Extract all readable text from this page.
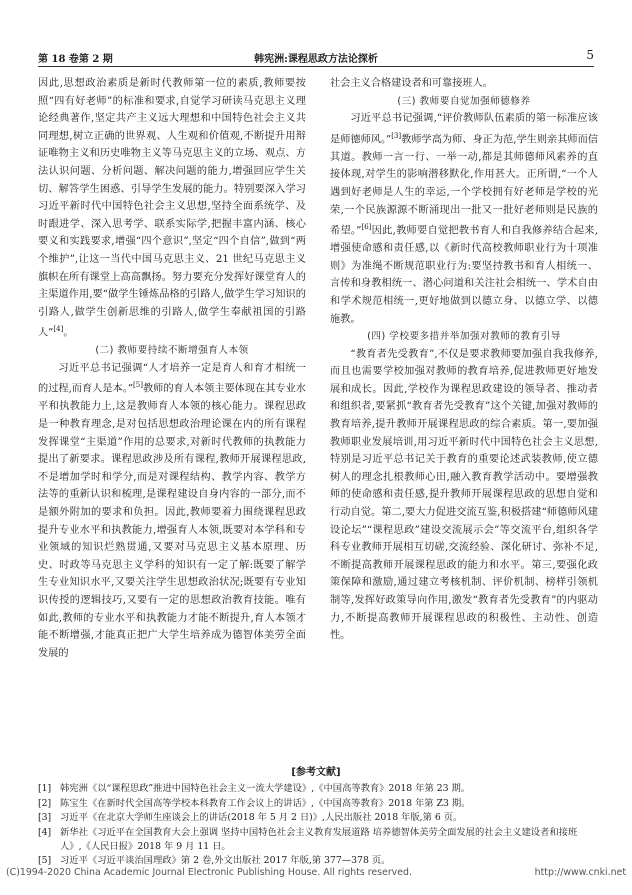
第 18 卷第 2 期	韩宪洲:课程思政方法论探析	5

因此,思想政治素质是新时代教师第一位的素质,教师要按照“四有好老师”的标准和要求,自觉学习研读马克思主义理论经典著作,坚定共产主义远大理想和中国特色社会主义共同理想,树立正确的世界观、人生观和价值观,不断提升用辩证唯物主义和历史唯物主义等马克思主义的立场、观点、方法认识问题、分析问题、解决问题的能力,增强回应学生关切、解答学生困惑、引导学生发展的能力。特别要深入学习习近平新时代中国特色社会主义思想,坚持全面系统学、及时跟进学、深入思考学、联系实际学,把握丰富内涵、核心要义和实践要求,增强“四个意识”,坚定“四个自信”,做到“两个维护”,让这一当代中国马克思主义、21 世纪马克思主义旗帜在所有课堂上高高飘扬。努力要充分发挥好课堂育人的主渠道作用,要“做学生锤炼品格的引路人,做学生学习知识的引路人,做学生创新思维的引路人,做学生奉献祖国的引路人”[4]。

(二) 教师要持续不断增强育人本领

习近平总书记强调“人才培养一定是育人和育才相统一的过程,而育人是本。”[5]教师的育人本领主要体现在其专业水平和执教能力上,这是教师育人本领的核心能力。课程思政是一种教育理念,是对包括思想政治理论课在内的所有课程发挥课堂“主渠道”作用的总要求,对新时代教师的执教能力提出了新要求。课程思政涉及所有课程,教师开展课程思政,不是增加学时和学分,而是对课程结构、教学内容、教学方法等的重新认识和梳理,是课程建设自身内容的一部分,而不是额外附加的要求和负担。因此,教师要着力围绕课程思政提升专业水平和执教能力,增强育人本领,既要对本学科和专业领域的知识烂熟贯通,又要对马克思主义基本原理、历史、时政等马克思主义学科的知识有一定了解:既要了解学生专业知识水平,又要关注学生思想政治状况;既要有专业知识传授的逻辑技巧,又要有一定的思想政治教育技能。唯有如此,教师的专业水平和执教能力才能不断提升,育人本领才能不断增强,才能真正把广大学生培养成为德智体美劳全面发展的

社会主义合格建设者和可靠接班人。

(三) 教师要自觉加强师德修养

习近平总书记强调,“评价教师队伍素质的第一标准应该是师德师风。”[3]教师学高为师、身正为范,学生则亲其师而信其道。教师一言一行、一举一动,都是其师德师风素养的直接体现,对学生的影响潜移默化,作用甚大。正所谓,“一个人遇到好老师是人生的幸运,一个学校拥有好老师是学校的光荣,一个民族源源不断涌现出一批又一批好老师则是民族的希望。”[6]因此,教师要自觉把教书育人和自我修养结合起来,增强使命感和责任感,以《新时代高校教师职业行为十项准则》为准绳不断规范职业行为:要坚持教书和育人相统一、言传和身教相统一、潜心问道和关注社会相统一、学术自由和学术规范相统一,更好地做到以德立身、以德立学、以德施教。

(四) 学校要多措并举加强对教师的教育引导

“教育者先受教育”,不仅是要求教师要加强自我我修养,而且也需要学校加强对教师的教育培养,促进教师更好地发展和成长。因此,学校作为课程思政建设的领导者、推动者和组织者,要紧抓“教育者先受教育”这个关键,加强对教师的教育培养,提升教师开展课程思政的综合素质。第一,要加强教师职业发展培训,用习近平新时代中国特色社会主义思想,特别是习近平总书记关于教育的重要论述武装教师,使立德树人的理念扎根教师心田,融入教育教学活动中。要增强教师的使命感和责任感,提升教师开展课程思政的思想自觉和行动自觉。第二,要大力促进交流互鉴,积极搭建“师德师风建设论坛”“课程思政”建设交流展示会”等交流平台,组织各学科专业教师开展相互切磋,交流经验、深化研讨、弥补不足,不断提高教师开展课程思政的能力和水平。第三,要强化政策保障和激励,通过建立考核机制、评价机制、榜样引领机制等,发挥好政策导向作用,激发“教育者先受教育”的内驱动力,不断提高教师开展课程思政的积极性、主动性、创造性。

[参考文献]
[1] 韩宪洲《以“课程思政”推进中国特色社会主义一流大学建设》,《中国高等教育》2018 年第 23 期。
[2] 陈宝生《在新时代全国高等学校本科教育工作会议上的讲话》,《中国高等教育》2018 年第 Z3 期。
[3] 习近平《在北京大学师生座谈会上的讲话(2018 年 5 月 2 日)》,人民出版社 2018 年版,第 6 页。
[4] 新华社《习近平在全国教育大会上强调 坚持中国特色社会主义教育发展道路 培养德智体美劳全面发展的社会主义建设者和接班人》,《人民日报》2018 年 9 月 11 日。
[5] 习近平《习近平谈治国理政》第 2 卷,外文出版社 2017 年版,第 377—378 页。
(C)1994-2020 China Academic Journal Electronic Publishing House. All rights reserved.	http://www.cnki.net
